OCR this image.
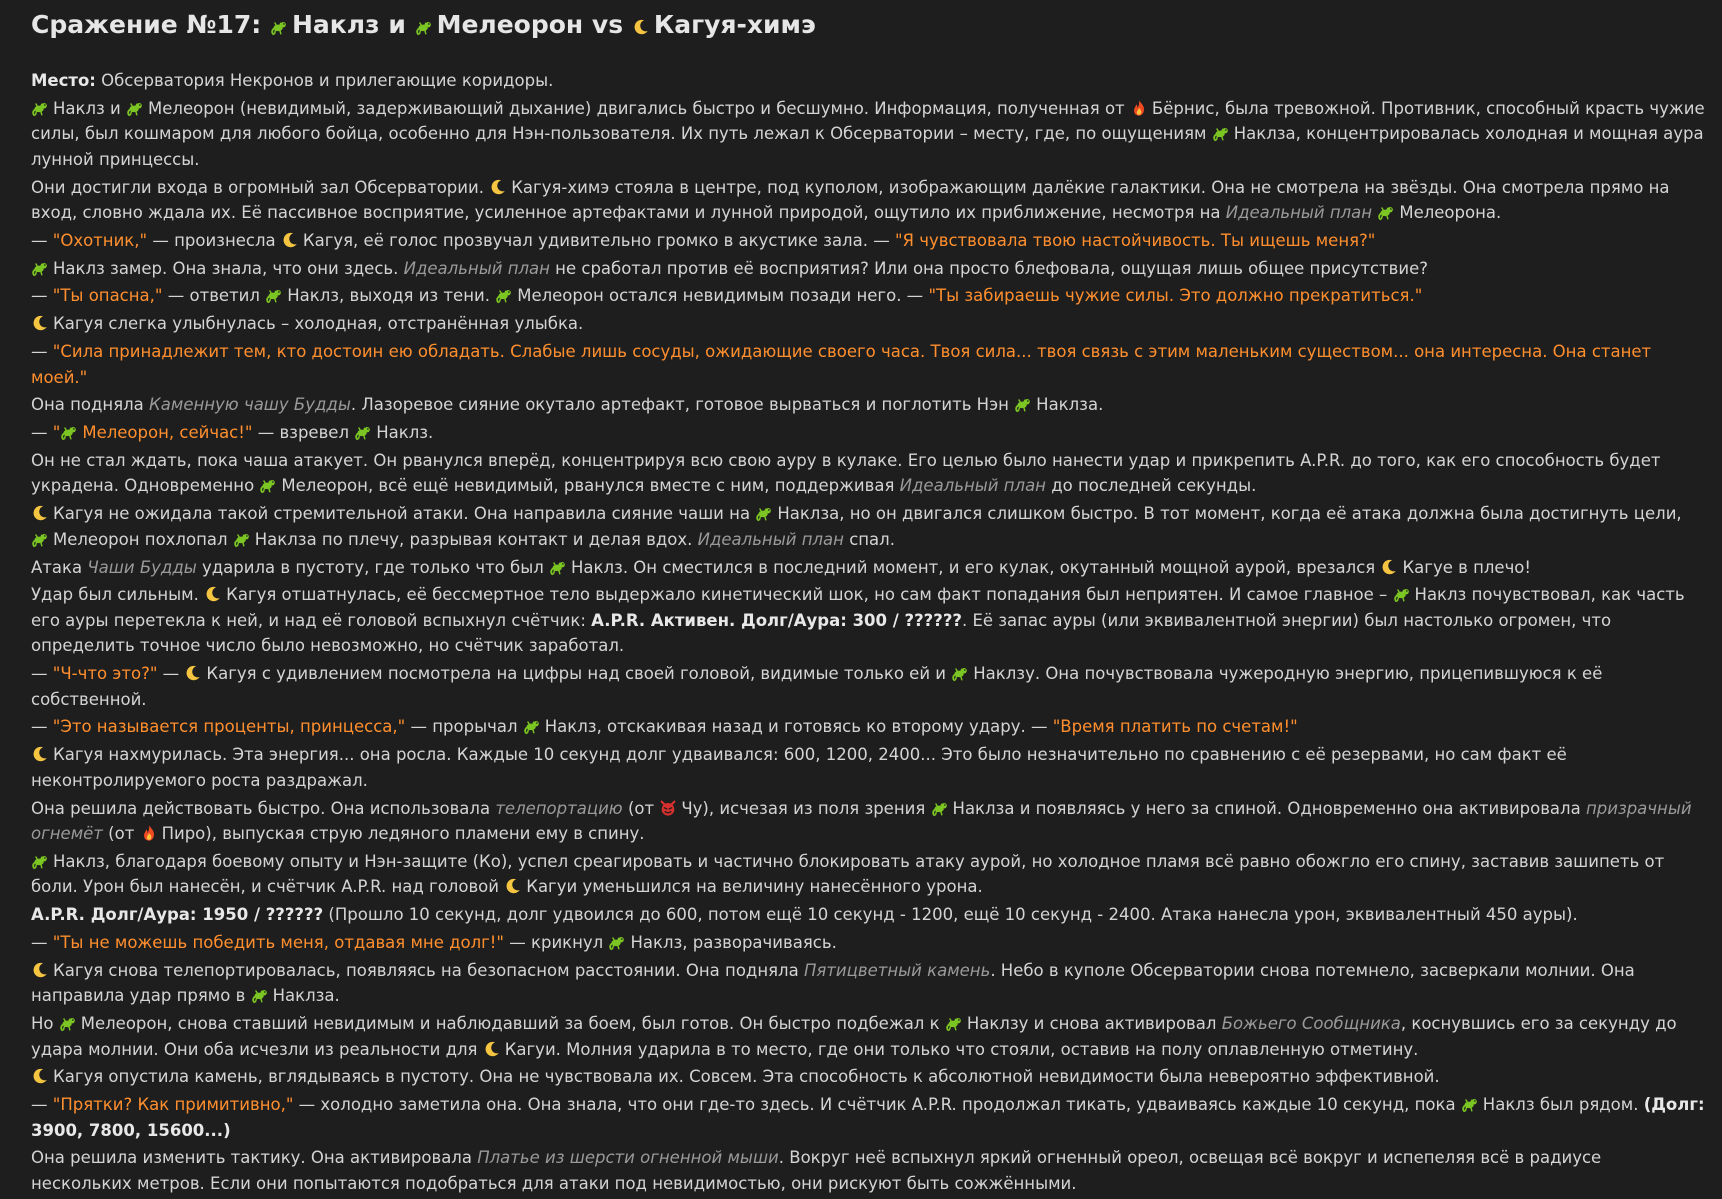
Сражение №17: Наклз и Мелеорон vs Кагуя-химэ

Место: Обсерватория Некронов и прилегающие коридоры.

Наклз и
Мелеорон (невидимый, задерживающий дыхание) двигались быстро и бесшумно. Информация, полученная от
Бёрнис, была тревожной. Противник, способный красть чужие силы, был кошмаром для любого бойца, особенно для Нэн-пользователя. Их путь лежал к Обсерватории – месту, где, по ощущениям
Наклза, концентрировалась холодная и мощная аура лунной принцессы.

Они достигли входа в огромный зал Обсерватории.
Кагуя-химэ стояла в центре, под куполом, изображающим далёкие галактики. Она не смотрела на звёзды. Она смотрела прямо на вход, словно ждала их. Её пассивное восприятие, усиленное артефактами и лунной природой, ощутило их приближение, несмотря на Идеальный план Мелеорона.

— "Охотник," — произнесла
Кагуя, её голос прозвучал удивительно громко в акустике зала. — "Я чувствовала твою настойчивость. Ты ищешь меня?"

Наклз замер. Она знала, что они здесь. Идеальный план не сработал против её восприятия? Или она просто блефовала, ощущая лишь общее присутствие?

— "Ты опасна," — ответил
Наклз, выходя из тени.
Мелеорон остался невидимым позади него. — "Ты забираешь чужие силы. Это должно прекратиться."

Кагуя слегка улыбнулась – холодная, отстранённая улыбка.

— "Сила принадлежит тем, кто достоин ею обладать. Слабые лишь сосуды, ожидающие своего часа. Твоя сила... твоя связь с этим маленьким существом... она интересна. Она станет моей."

Она подняла Каменную чашу Будды. Лазоревое сияние окутало артефакт, готовое вырваться и поглотить Нэн
Наклза.

— " Мелеорон, сейчас!" — взревел
Наклз.

Он не стал ждать, пока чаша атакует. Он рванулся вперёд, концентрируя всю свою ауру в кулаке. Его целью было нанести удар и прикрепить A.P.R. до того, как его способность будет украдена. Одновременно
Мелеорон, всё ещё невидимый, рванулся вместе с ним, поддерживая Идеальный план до последней секунды.

Кагуя не ожидала такой стремительной атаки. Она направила сияние чаши на
Наклза, но он двигался слишком быстро. В тот момент, когда её атака должна была достигнуть цели,
Мелеорон похлопал
Наклза по плечу, разрывая контакт и делая вдох. Идеальный план спал.

Атака Чаши Будды ударила в пустоту, где только что был
Наклз. Он сместился в последний момент, и его кулак, окутанный мощной аурой, врезался
Кагуе в плечо!

Удар был сильным.
Кагуя отшатнулась, её бессмертное тело выдержало кинетический шок, но сам факт попадания был неприятен. И самое главное –
Наклз почувствовал, как часть его ауры перетекла к ней, и над её головой вспыхнул счётчик: A.P.R. Активен. Долг/Аура: 300 / ??????. Её запас ауры (или эквивалентной энергии) был настолько огромен, что определить точное число было невозможно, но счётчик заработал.

— "Ч-что это?" —
Кагуя с удивлением посмотрела на цифры над своей головой, видимые только ей и
Наклзу. Она почувствовала чужеродную энергию, прицепившуюся к её собственной.

— "Это называется проценты, принцесса," — прорычал
Наклз, отскакивая назад и готовясь ко второму удару. — "Время платить по счетам!"

Кагуя нахмурилась. Эта энергия... она росла. Каждые 10 секунд долг удваивался: 600, 1200, 2400... Это было незначительно по сравнению с её резервами, но сам факт её неконтролируемого роста раздражал.

Она решила действовать быстро. Она использовала телепортацию (от
Чу), исчезая из поля зрения
Наклза и появляясь у него за спиной. Одновременно она активировала призрачный огнемёт (от
Пиро), выпуская струю ледяного пламени ему в спину.

Наклз, благодаря боевому опыту и Нэн-защите (Ко), успел среагировать и частично блокировать атаку аурой, но холодное пламя всё равно обожгло его спину, заставив зашипеть от боли. Урон был нанесён, и счётчик A.P.R. над головой
Кагуи уменьшился на величину нанесённого урона.

A.P.R. Долг/Аура: 1950 / ?????? (Прошло 10 секунд, долг удвоился до 600, потом ещё 10 секунд - 1200, ещё 10 секунд - 2400. Атака нанесла урон, эквивалентный 450 ауры).

— "Ты не можешь победить меня, отдавая мне долг!" — крикнул
Наклз, разворачиваясь.

Кагуя снова телепортировалась, появляясь на безопасном расстоянии. Она подняла Пятицветный камень. Небо в куполе Обсерватории снова потемнело, засверкали молнии. Она направила удар прямо в
Наклза.

Но
Мелеорон, снова ставший невидимым и наблюдавший за боем, был готов. Он быстро подбежал к
Наклзу и снова активировал Божьего Сообщника, коснувшись его за секунду до удара молнии. Они оба исчезли из реальности для
Кагуи. Молния ударила в то место, где они только что стояли, оставив на полу оплавленную отметину.

Кагуя опустила камень, вглядываясь в пустоту. Она не чувствовала их. Совсем. Эта способность к абсолютной невидимости была невероятно эффективной.

— "Прятки? Как примитивно," — холодно заметила она. Она знала, что они где-то здесь. И счётчик A.P.R. продолжал тикать, удваиваясь каждые 10 секунд, пока
Наклз был рядом. (Долг: 3900, 7800, 15600...)

Она решила изменить тактику. Она активировала Платье из шерсти огненной мыши. Вокруг неё вспыхнул яркий огненный ореол, освещая всё вокруг и испепеляя всё в радиусе нескольких метров. Если они попытаются подобраться для атаки под невидимостью, они рискуют быть сожжёнными.
